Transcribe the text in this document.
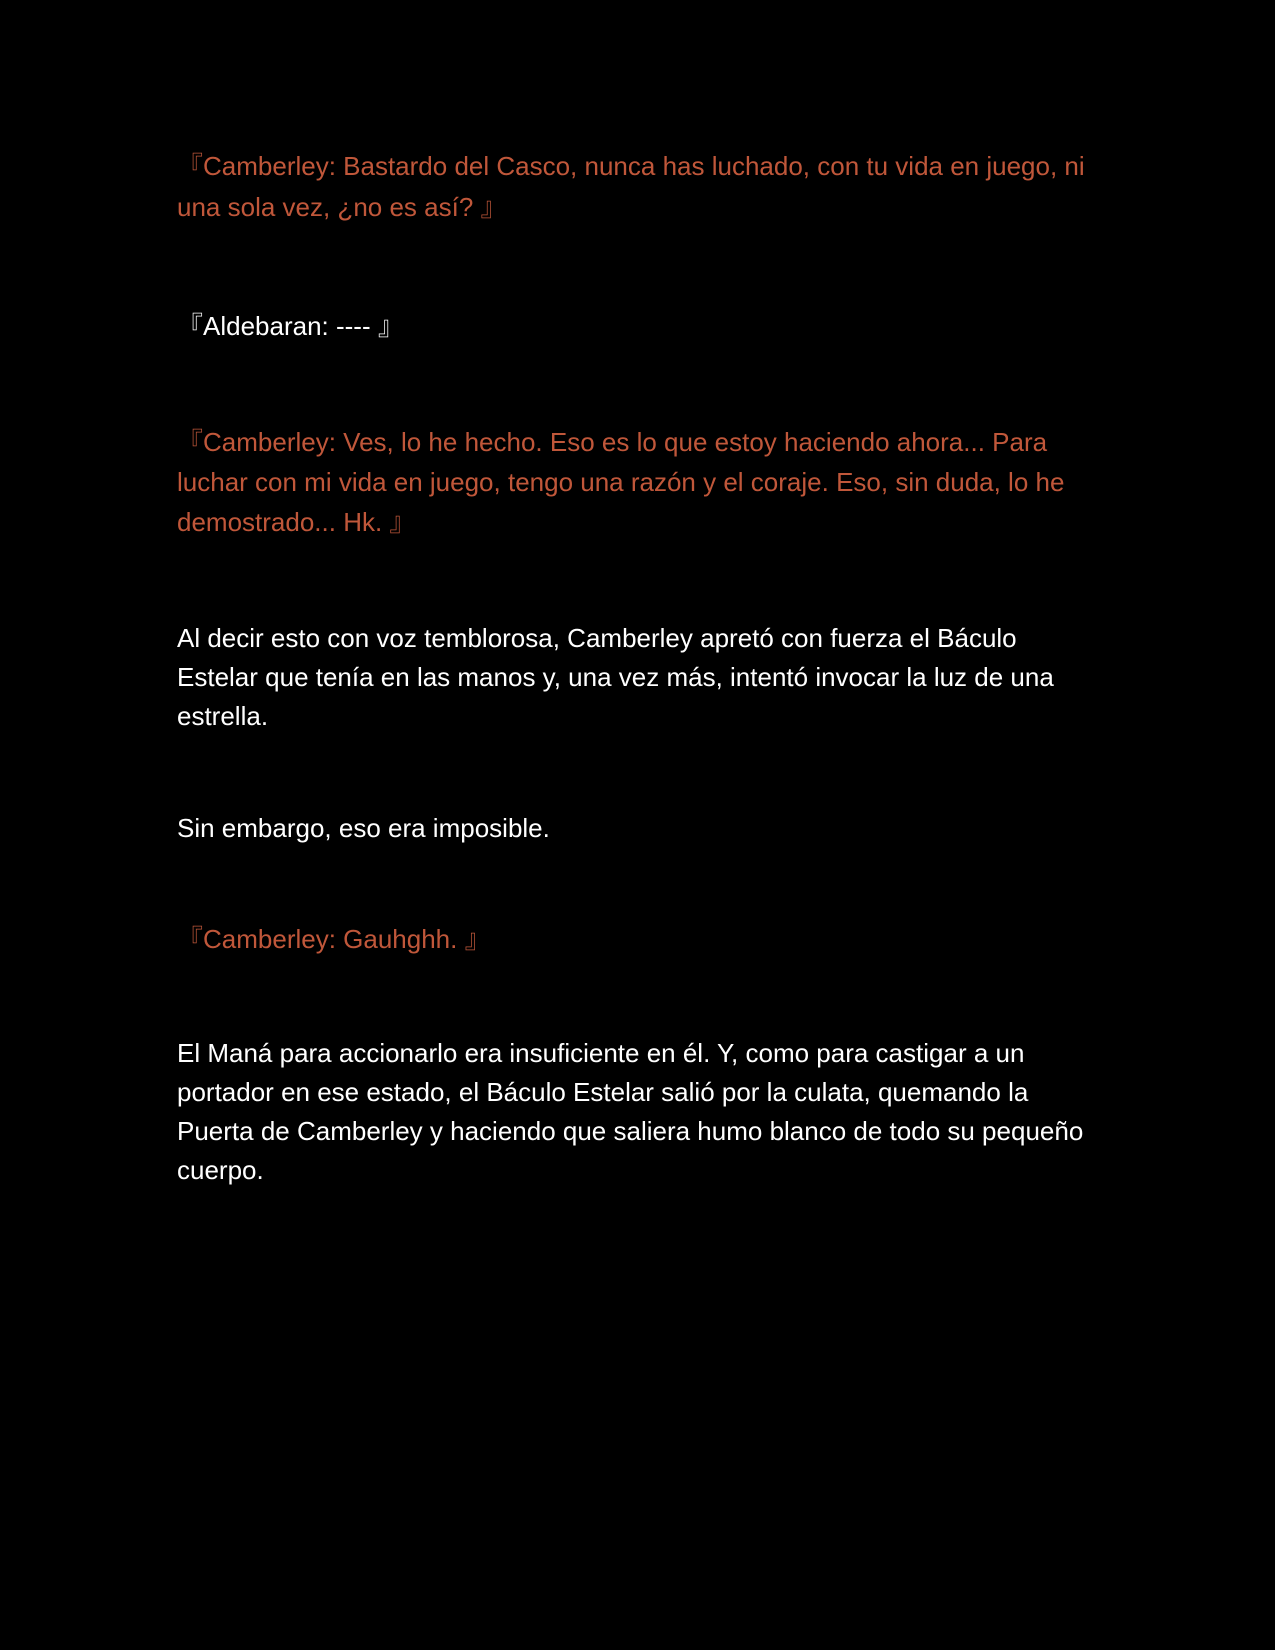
『Camberley: Bastardo del Casco, nunca has luchado, con tu vida en juego, ni una sola vez, ¿no es así? 』

『Aldebaran: ---- 』

『Camberley: Ves, lo he hecho. Eso es lo que estoy haciendo ahora... Para luchar con mi vida en juego, tengo una razón y el coraje. Eso, sin duda, lo he demostrado... Hk. 』

Al decir esto con voz temblorosa, Camberley apretó con fuerza el Báculo Estelar que tenía en las manos y, una vez más, intentó invocar la luz de una estrella.

Sin embargo, eso era imposible.

『Camberley: Gauhghh. 』

El Maná para accionarlo era insuficiente en él. Y, como para castigar a un portador en ese estado, el Báculo Estelar salió por la culata, quemando la Puerta de Camberley y haciendo que saliera humo blanco de todo su pequeño cuerpo.
